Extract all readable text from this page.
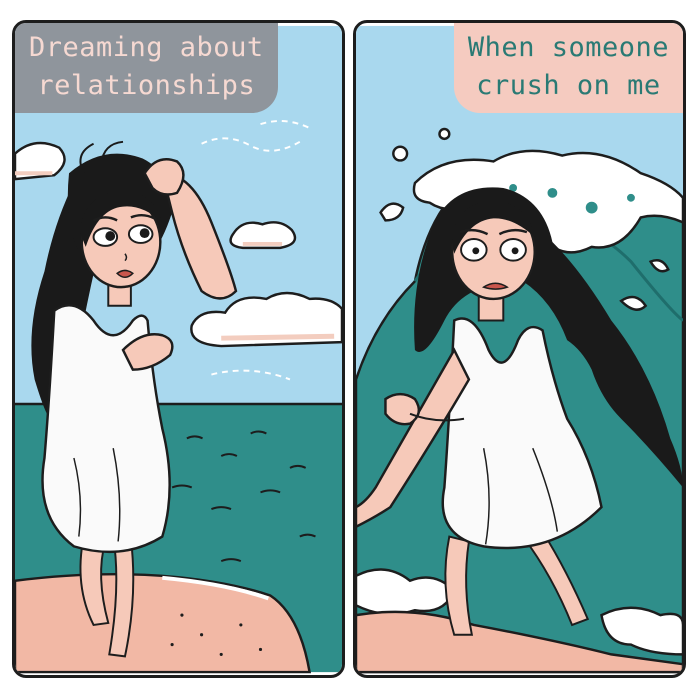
Dreaming about
relationships
When someone
crush on me
